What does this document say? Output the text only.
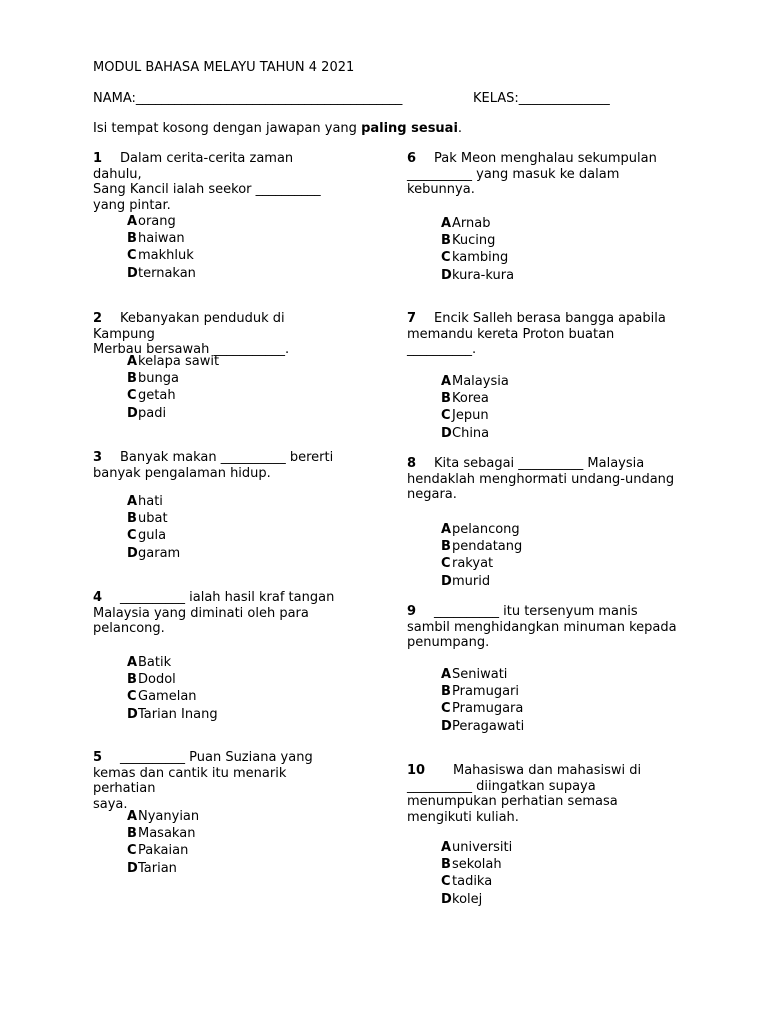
MODUL BAHASA MELAYU TAHUN 4 2021
NAMA:_________________________________________	KELAS:______________
Isi tempat kosong dengan jawapan yang paling sesuai.
1 Dalam cerita-cerita zaman dahulu,
Sang Kancil ialah seekor __________
yang pintar.
Aorang
Bhaiwan
Cmakhluk
Dternakan
2 Kebanyakan penduduk di Kampung
Merbau bersawah ___________.
Akelapa sawit
Bbunga
Cgetah
Dpadi
3 Banyak makan __________ bererti
banyak pengalaman hidup.
Ahati
Bubat
Cgula
Dgaram
4 __________ ialah hasil kraf tangan
Malaysia yang diminati oleh para
pelancong.
ABatik
BDodol
CGamelan
DTarian Inang
5 __________ Puan Suziana yang
kemas dan cantik itu menarik perhatian
saya.
ANyanyian
BMasakan
CPakaian
DTarian
6 Pak Meon menghalau sekumpulan
__________ yang masuk ke dalam
kebunnya.
AArnab
BKucing
Ckambing
Dkura-kura
7 Encik Salleh berasa bangga apabila
memandu kereta Proton buatan
__________.
AMalaysia
BKorea
CJepun
DChina
8 Kita sebagai __________ Malaysia
hendaklah menghormati undang-undang
negara.
Apelancong
Bpendatang
Crakyat
Dmurid
9 __________ itu tersenyum manis
sambil menghidangkan minuman kepada
penumpang.
ASeniwati
BPramugari
CPramugara
DPeragawati
10 Mahasiswa dan mahasiswi di
__________ diingatkan supaya
menumpukan perhatian semasa
mengikuti kuliah.
Auniversiti
Bsekolah
Ctadika
Dkolej
